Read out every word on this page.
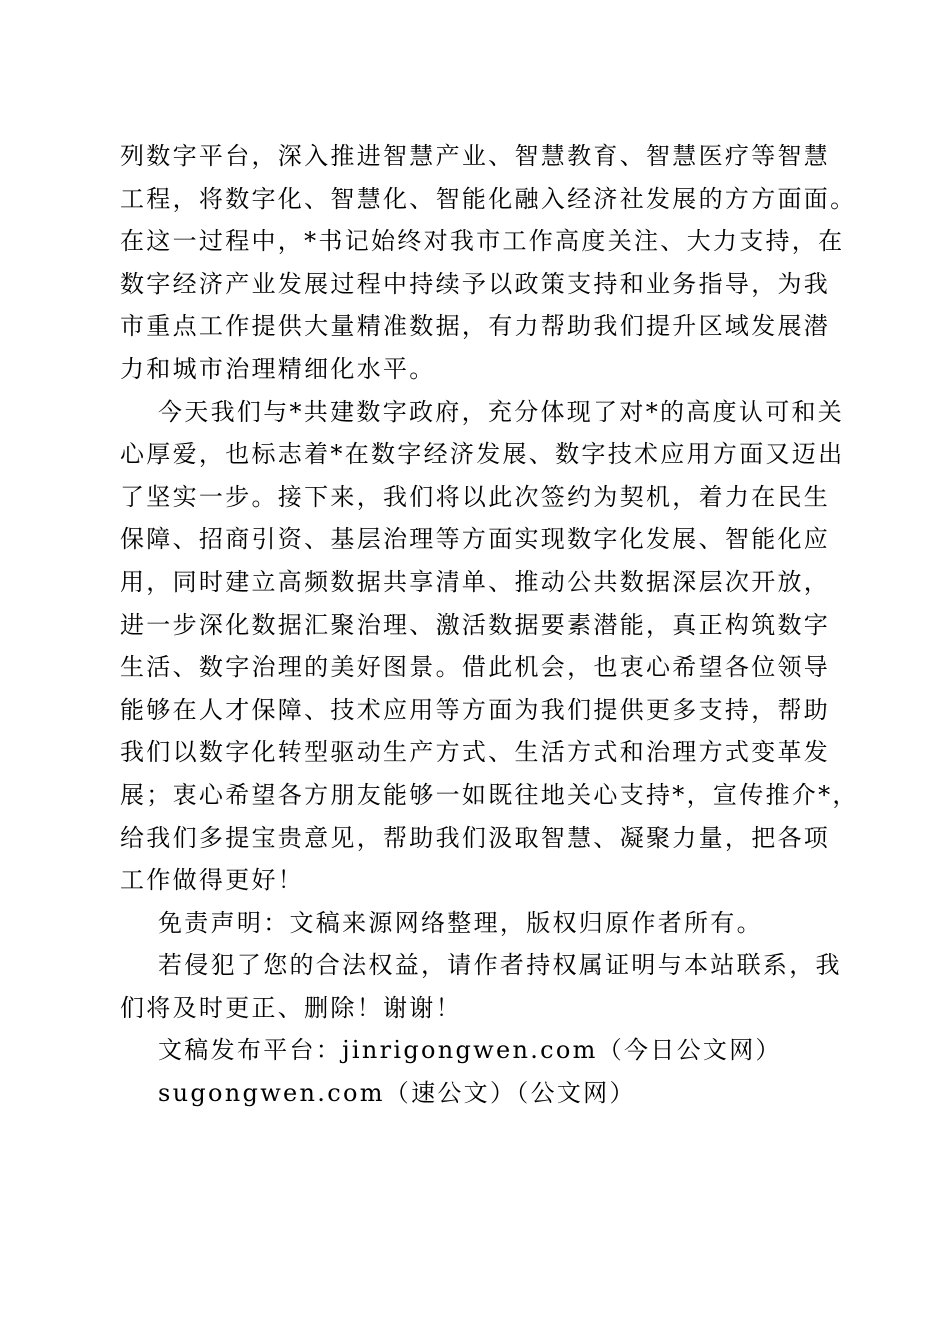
列数字平台，深入推进智慧产业、智慧教育、智慧医疗等智慧
工程，将数字化、智慧化、智能化融入经济社发展的方方面面。
在这一过程中，*书记始终对我市工作高度关注、大力支持，在
数字经济产业发展过程中持续予以政策支持和业务指导，为我
市重点工作提供大量精准数据，有力帮助我们提升区域发展潜
力和城市治理精细化水平。
今天我们与*共建数字政府，充分体现了对*的高度认可和关
心厚爱，也标志着*在数字经济发展、数字技术应用方面又迈出
了坚实一步。接下来，我们将以此次签约为契机，着力在民生
保障、招商引资、基层治理等方面实现数字化发展、智能化应
用，同时建立高频数据共享清单、推动公共数据深层次开放，
进一步深化数据汇聚治理、激活数据要素潜能，真正构筑数字
生活、数字治理的美好图景。借此机会，也衷心希望各位领导
能够在人才保障、技术应用等方面为我们提供更多支持，帮助
我们以数字化转型驱动生产方式、生活方式和治理方式变革发
展；衷心希望各方朋友能够一如既往地关心支持*，宣传推介*，
给我们多提宝贵意见，帮助我们汲取智慧、凝聚力量，把各项
工作做得更好！
免责声明：文稿来源网络整理，版权归原作者所有。
若侵犯了您的合法权益，请作者持权属证明与本站联系，我
们将及时更正、删除！谢谢！
文稿发布平台：jinrigongwen.com（今日公文网）
sugongwen.com（速公文）（公文网）
